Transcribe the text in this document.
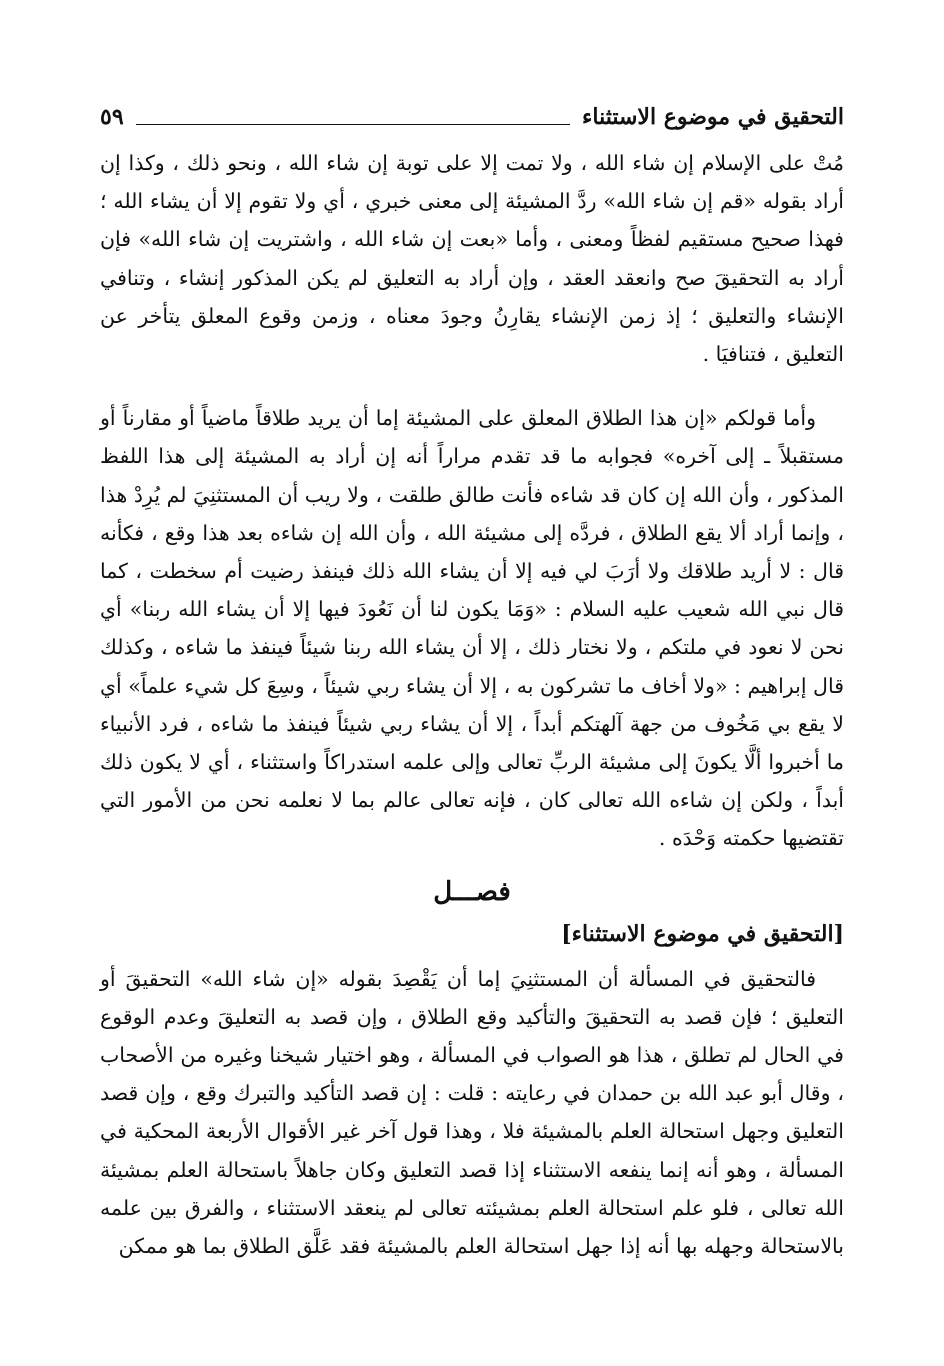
التحقيق في موضوع الاستثناء
٥٩

مُتْ على الإسلام إن شاء الله ، ولا تمت إلا على توبة إن شاء الله ، ونحو ذلك ، وكذا إن أراد بقوله «قم إن شاء الله» ردَّ المشيئة إلى معنى خبري ، أي ولا تقوم إلا أن يشاء الله ؛ فهذا صحيح مستقيم لفظاً ومعنى ، وأما «بعت إن شاء الله ، واشتريت إن شاء الله» فإن أراد به التحقيقَ صح وانعقد العقد ، وإن أراد به التعليق لم يكن المذكور إنشاء ، وتنافي الإنشاء والتعليق ؛ إذ زمن الإنشاء يقارِنُ وجودَ معناه ، وزمن وقوع المعلق يتأخر عن التعليق ، فتنافيَا .

وأما قولكم «إن هذا الطلاق المعلق على المشيئة إما أن يريد طلاقاً ماضياً أو مقارناً أو مستقبلاً ـ إلى آخره» فجوابه ما قد تقدم مراراً أنه إن أراد به المشيئة إلى هذا اللفظ المذكور ، وأن الله إن كان قد شاءه فأنت طالق طلقت ، ولا ريب أن المستثنِيَ لم يُرِدْ هذا ، وإنما أراد ألا يقع الطلاق ، فردَّه إلى مشيئة الله ، وأن الله إن شاءه بعد هذا وقع ، فكأنه قال : لا أريد طلاقك ولا أرَبَ لي فيه إلا أن يشاء الله ذلك فينفذ رضيت أم سخطت ، كما قال نبي الله شعيب عليه السلام : «وَمَا يكون لنا أن نَعُودَ فيها إلا أن يشاء الله ربنا» أي نحن لا نعود في ملتكم ، ولا نختار ذلك ، إلا أن يشاء الله ربنا شيئاً فينفذ ما شاءه ، وكذلك قال إبراهيم : «ولا أخاف ما تشركون به ، إلا أن يشاء ربي شيئاً ، وسِعَ كل شيء علماً» أي لا يقع بي مَخُوف من جهة آلهتكم أبداً ، إلا أن يشاء ربي شيئاً فينفذ ما شاءه ، فرد الأنبياء ما أخبروا ألَّا يكونَ إلى مشيئة الربِّ تعالى وإلى علمه استدراكاً واستثناء ، أي لا يكون ذلك أبداً ، ولكن إن شاءه الله تعالى كان ، فإنه تعالى عالم بما لا نعلمه نحن من الأمور التي تقتضيها حكمته وَحْدَه .

فصـــل
[التحقيق في موضوع الاستثناء]

فالتحقيق في المسألة أن المستثنِيَ إما أن يَقْصِدَ بقوله «إن شاء الله» التحقيقَ أو التعليق ؛ فإن قصد به التحقيقَ والتأكيد وقع الطلاق ، وإن قصد به التعليقَ وعدم الوقوع في الحال لم تطلق ، هذا هو الصواب في المسألة ، وهو اختيار شيخنا وغيره من الأصحاب ، وقال أبو عبد الله بن حمدان في رعايته : قلت : إن قصد التأكيد والتبرك وقع ، وإن قصد التعليق وجهل استحالة العلم بالمشيئة فلا ، وهذا قول آخر غير الأقوال الأربعة المحكية في المسألة ، وهو أنه إنما ينفعه الاستثناء إذا قصد التعليق وكان جاهلاً باستحالة العلم بمشيئة الله تعالى ، فلو علم استحالة العلم بمشيئته تعالى لم ينعقد الاستثناء ، والفرق بين علمه بالاستحالة وجهله بها أنه إذا جهل استحالة العلم بالمشيئة فقد عَلَّق الطلاق بما هو ممكن
